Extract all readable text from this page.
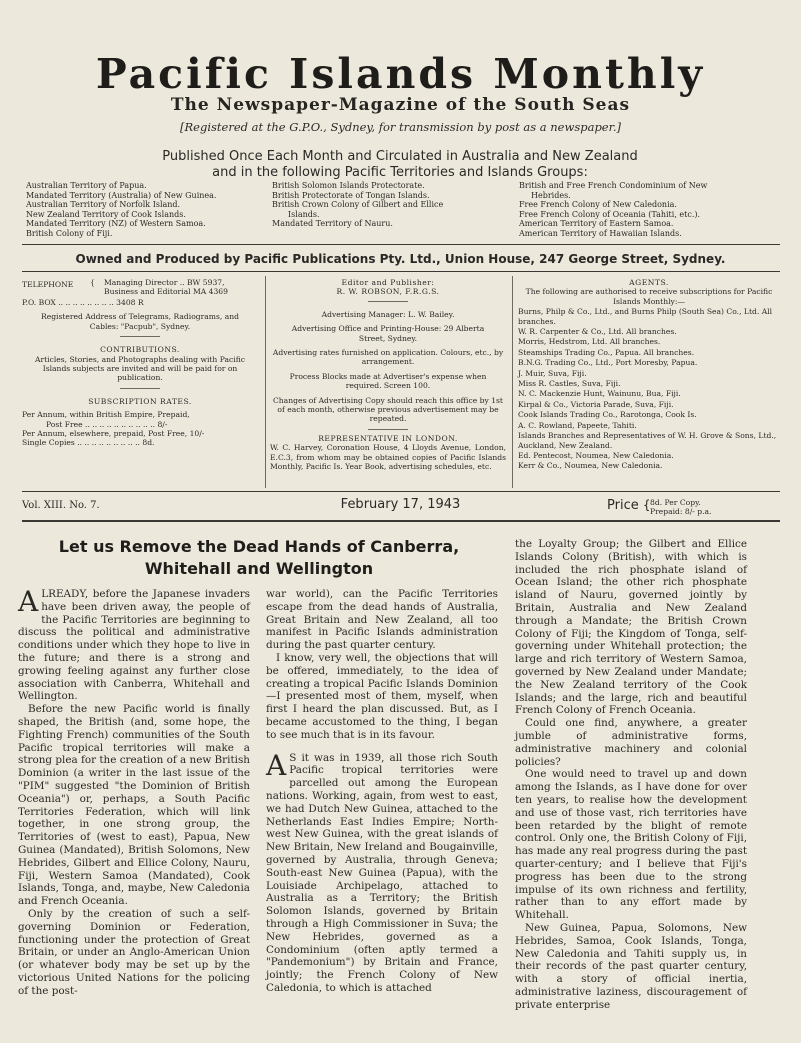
Pacific Islands Monthly
The Newspaper-Magazine of the South Seas
[Registered at the G.P.O., Sydney, for transmission by post as a newspaper.]
Published Once Each Month and Circulated in Australia and New Zealand
and in the following Pacific Territories and Islands Groups:
Australian Territory of Papua.
Mandated Territory (Australia) of New Guinea.
Australian Territory of Norfolk Island.
New Zealand Territory of Cook Islands.
Mandated Territory (NZ) of Western Samoa.
British Colony of Fiji.
British Solomon Islands Protectorate.
British Protectorate of Tongan Islands.
British Crown Colony of Gilbert and Ellice
Islands.
Mandated Territory of Nauru.
British and Free French Condominium of New
Hebrides.
Free French Colony of New Caledonia.
Free French Colony of Oceania (Tahiti, etc.).
American Territory of Eastern Samoa.
American Territory of Hawaiian Islands.
Owned and Produced by Pacific Publications Pty. Ltd., Union House, 247 George Street, Sydney.
TELEPHONE { Managing Director .. BW 5937,
Business and Editorial MA 4369
P.O. BOX .. .. .. .. .. .. .. .. 3408 R
Registered Address of Telegrams, Radiograms, and Cables: "Pacpub", Sydney.
CONTRIBUTIONS.
Articles, Stories, and Photographs dealing with Pacific Islands subjects are invited and will be paid for on publication.
SUBSCRIPTION RATES.
Per Annum, within British Empire, Prepaid,
Post Free .. .. .. .. .. .. .. .. .. .. 8/-
Per Annum, elsewhere, prepaid, Post Free, 10/-
Single Copies .. .. .. .. .. .. .. .. .. 8d.
Editor and Publisher:
R. W. ROBSON, F.R.G.S.
Advertising Manager: L. W. Bailey.
Advertising Office and Printing-House: 29 Alberta Street, Sydney.
Advertising rates furnished on application. Colours, etc., by arrangement.
Process Blocks made at Advertiser's expense when required. Screen 100.
Changes of Advertising Copy should reach this office by 1st of each month, otherwise previous advertisement may be repeated.
REPRESENTATIVE IN LONDON.
W. C. Harvey, Coronation House, 4 Lloyds Avenue, London, E.C.3, from whom may be obtained copies of Pacific Islands Monthly, Pacific Is. Year Book, advertising schedules, etc.
AGENTS.
The following are authorised to receive subscriptions for Pacific Islands Monthly:—
Burns, Philp & Co., Ltd., and Burns Philp (South Sea) Co., Ltd. All branches.
W. R. Carpenter & Co., Ltd. All branches.
Morris, Hedstrom, Ltd. All branches.
Steamships Trading Co., Papua. All branches.
B.N.G. Trading Co., Ltd., Port Moresby, Papua.
J. Muir, Suva, Fiji.
Miss R. Castles, Suva, Fiji.
N. C. Mackenzie Hunt, Wainunu, Bua, Fiji.
Kirpal & Co., Victoria Parade, Suva, Fiji.
Cook Islands Trading Co., Rarotonga, Cook Is.
A. C. Rowland, Papeete, Tahiti.
Islands Branches and Representatives of W. H. Grove & Sons, Ltd., Auckland, New Zealand.
Ed. Pentecost, Noumea, New Caledonia.
Kerr & Co., Noumea, New Caledonia.
Vol. XIII. No. 7.	February 17, 1943	Price { 8d. Per Copy.
Prepaid: 8/- p.a.
Let us Remove the Dead Hands of Canberra,
Whitehall and Wellington

ALREADY, before the Japanese invaders have been driven away, the people of the Pacific Territories are beginning to discuss the political and administrative conditions under which they hope to live in the future; and there is a strong and growing feeling against any further close association with Canberra, Whitehall and Wellington.

Before the new Pacific world is finally shaped, the British (and, some hope, the Fighting French) communities of the South Pacific tropical territories will make a strong plea for the creation of a new British Dominion (a writer in the last issue of the "PIM" suggested "the Dominion of British Oceania") or, perhaps, a South Pacific Territories Federation, which will link together, in one strong group, the Territories of (west to east), Papua, New Guinea (Mandated), British Solomons, New Hebrides, Gilbert and Ellice Colony, Nauru, Fiji, Western Samoa (Mandated), Cook Islands, Tonga, and, maybe, New Caledonia and French Oceania.

Only by the creation of such a self-governing Dominion or Federation, functioning under the protection of Great Britain, or under an Anglo-American Union (or whatever body may be set up by the victorious United Nations for the policing of the post-

war world), can the Pacific Territories escape from the dead hands of Australia, Great Britain and New Zealand, all too manifest in Pacific Islands administration during the past quarter century.

I know, very well, the objections that will be offered, immediately, to the idea of creating a tropical Pacific Islands Dominion—I presented most of them, myself, when first I heard the plan discussed. But, as I became accustomed to the thing, I began to see much that is in its favour.

A S it was in 1939, all those rich South Pacific tropical territories were parcelled out among the European nations. Working, again, from west to east, we had Dutch New Guinea, attached to the Netherlands East Indies Empire; North-west New Guinea, with the great islands of New Britain, New Ireland and Bougainville, governed by Australia, through Geneva; South-east New Guinea (Papua), with the Louisiade Archipelago, attached to Australia as a Territory; the British Solomon Islands, governed by Britain through a High Commissioner in Suva; the New Hebrides, governed as a Condominium (often aptly termed a "Pandemonium") by Britain and France, jointly; the French Colony of New Caledonia, to which is attached

the Loyalty Group; the Gilbert and Ellice Islands Colony (British), with which is included the rich phosphate island of Ocean Island; the other rich phosphate island of Nauru, governed jointly by Britain, Australia and New Zealand through a Mandate; the British Crown Colony of Fiji; the Kingdom of Tonga, self-governing under Whitehall protection; the large and rich territory of Western Samoa, governed by New Zealand under Mandate; the New Zealand territory of the Cook Islands; and the large, rich and beautiful French Colony of French Oceania.

Could one find, anywhere, a greater jumble of administrative forms, administrative machinery and colonial policies?

One would need to travel up and down among the Islands, as I have done for over ten years, to realise how the development and use of those vast, rich territories have been retarded by the blight of remote control. Only one, the British Colony of Fiji, has made any real progress during the past quarter-century; and I believe that Fiji's progress has been due to the strong impulse of its own richness and fertility, rather than to any effort made by Whitehall.

New Guinea, Papua, Solomons, New Hebrides, Samoa, Cook Islands, Tonga, New Caledonia and Tahiti supply us, in their records of the past quarter century, with a story of official inertia, administrative laziness, discouragement of private enterprise
